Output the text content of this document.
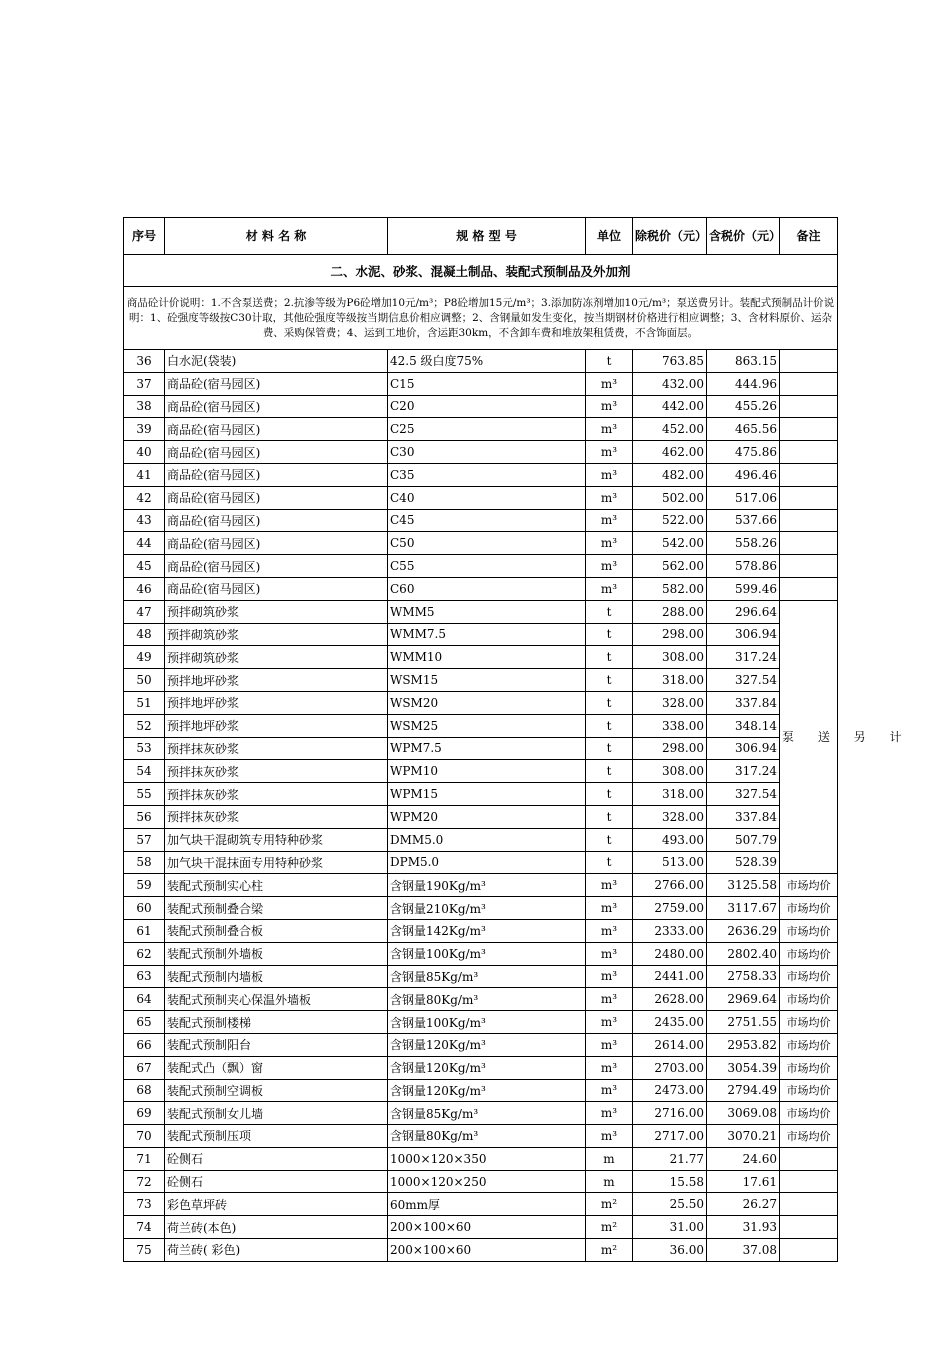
序号	材 料 名 称	规 格 型 号	单位	除税价（元）	含税价（元）	备注
二、水泥、砂浆、混凝土制品、装配式预制品及外加剂						
商品砼计价说明：1.不含泵送费；2.抗渗等级为P6砼增加10元/m³；P8砼增加15元/m³；3.添加防冻剂增加10元/m³；泵送费另计。装配式预制品计价说明：1、砼强度等级按C30计取，其他砼强度等级按当期信息价相应调整；2、含钢量如发生变化，按当期钢材价格进行相应调整；3、含材料原价、运杂费、采购保管费；4、运到工地价，含运距30km，不含卸车费和堆放架租赁费，不含饰面层。						
36	白水泥(袋装)	42.5 级白度75%	t	763.85	863.15	
37	商品砼(宿马园区)	C15	m³	432.00	444.96	
38	商品砼(宿马园区)	C20	m³	442.00	455.26	
39	商品砼(宿马园区)	C25	m³	452.00	465.56	
40	商品砼(宿马园区)	C30	m³	462.00	475.86	
41	商品砼(宿马园区)	C35	m³	482.00	496.46	
42	商品砼(宿马园区)	C40	m³	502.00	517.06	
43	商品砼(宿马园区)	C45	m³	522.00	537.66	
44	商品砼(宿马园区)	C50	m³	542.00	558.26	
45	商品砼(宿马园区)	C55	m³	562.00	578.86	
46	商品砼(宿马园区)	C60	m³	582.00	599.46	
47	预拌砌筑砂浆	WMM5	t	288.00	296.64	泵 送 另 计
48	预拌砌筑砂浆	WMM7.5	t	298.00	306.94	
49	预拌砌筑砂浆	WMM10	t	308.00	317.24	
50	预拌地坪砂浆	WSM15	t	318.00	327.54	
51	预拌地坪砂浆	WSM20	t	328.00	337.84	
52	预拌地坪砂浆	WSM25	t	338.00	348.14	
53	预拌抹灰砂浆	WPM7.5	t	298.00	306.94	
54	预拌抹灰砂浆	WPM10	t	308.00	317.24	
55	预拌抹灰砂浆	WPM15	t	318.00	327.54	
56	预拌抹灰砂浆	WPM20	t	328.00	337.84	
57	加气块干混砌筑专用特种砂浆	DMM5.0	t	493.00	507.79	
58	加气块干混抹面专用特种砂浆	DPM5.0	t	513.00	528.39	
59	装配式预制实心柱	含钢量190Kg/m³	m³	2766.00	3125.58	市场均价
60	装配式预制叠合梁	含钢量210Kg/m³	m³	2759.00	3117.67	市场均价
61	装配式预制叠合板	含钢量142Kg/m³	m³	2333.00	2636.29	市场均价
62	装配式预制外墙板	含钢量100Kg/m³	m³	2480.00	2802.40	市场均价
63	装配式预制内墙板	含钢量85Kg/m³	m³	2441.00	2758.33	市场均价
64	装配式预制夹心保温外墙板	含钢量80Kg/m³	m³	2628.00	2969.64	市场均价
65	装配式预制楼梯	含钢量100Kg/m³	m³	2435.00	2751.55	市场均价
66	装配式预制阳台	含钢量120Kg/m³	m³	2614.00	2953.82	市场均价
67	装配式凸（飘）窗	含钢量120Kg/m³	m³	2703.00	3054.39	市场均价
68	装配式预制空调板	含钢量120Kg/m³	m³	2473.00	2794.49	市场均价
69	装配式预制女儿墙	含钢量85Kg/m³	m³	2716.00	3069.08	市场均价
70	装配式预制压项	含钢量80Kg/m³	m³	2717.00	3070.21	市场均价
71	砼侧石	1000×120×350	m	21.77	24.60	
72	砼侧石	1000×120×250	m	15.58	17.61	
73	彩色草坪砖	60mm厚	m²	25.50	26.27	
74	荷兰砖(本色)	200×100×60	m²	31.00	31.93	
75	荷兰砖( 彩色)	200×100×60	m²	36.00	37.08	
